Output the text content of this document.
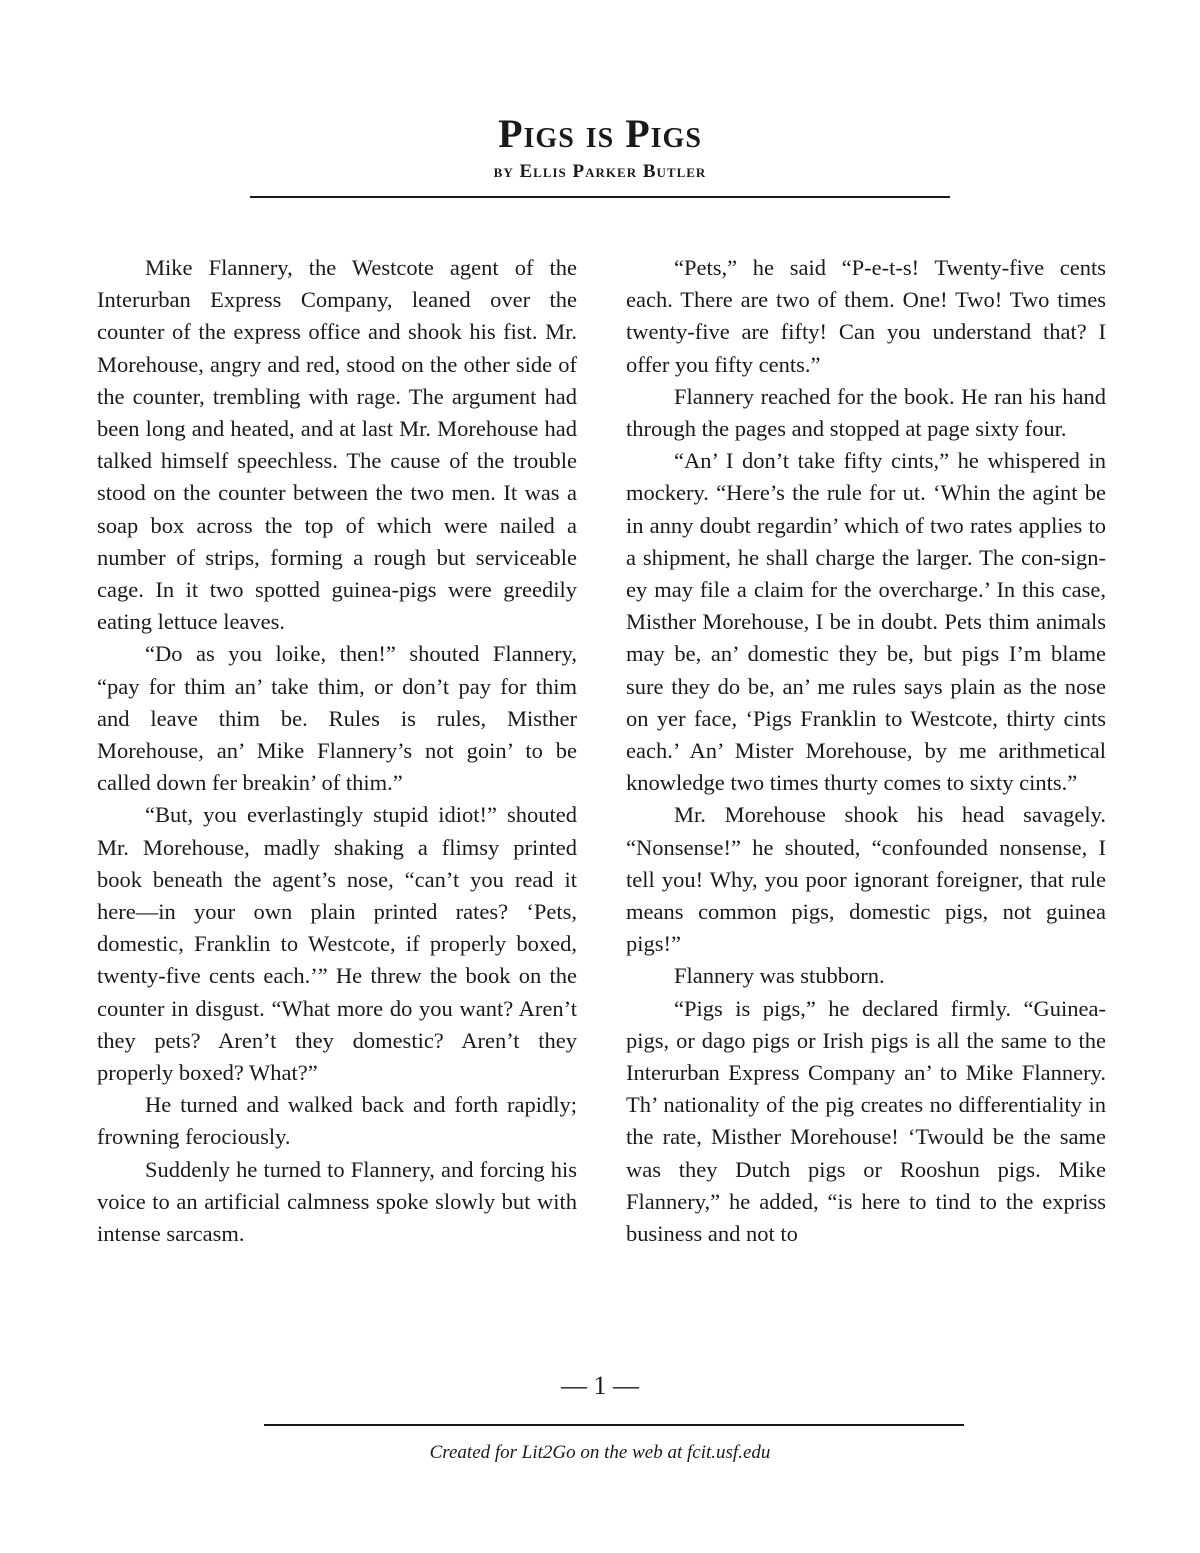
Pigs is Pigs
by Ellis Parker Butler

Mike Flannery, the Westcote agent of the Interurban Express Company, leaned over the counter of the express office and shook his fist. Mr. Morehouse, angry and red, stood on the other side of the counter, trembling with rage. The argument had been long and heated, and at last Mr. Morehouse had talked himself speechless. The cause of the trouble stood on the counter between the two men. It was a soap box across the top of which were nailed a number of strips, forming a rough but serviceable cage. In it two spotted guinea-pigs were greedily eating lettuce leaves.

“Do as you loike, then!” shouted Flannery, “pay for thim an’ take thim, or don’t pay for thim and leave thim be. Rules is rules, Misther Morehouse, an’ Mike Flannery’s not goin’ to be called down fer breakin’ of thim.”

“But, you everlastingly stupid idiot!” shouted Mr. Morehouse, madly shaking a flimsy printed book beneath the agent’s nose, “can’t you read it here—in your own plain printed rates? ‘Pets, domestic, Franklin to Westcote, if properly boxed, twenty-five cents each.’” He threw the book on the counter in disgust. “What more do you want? Aren’t they pets? Aren’t they domestic? Aren’t they properly boxed? What?”

He turned and walked back and forth rapidly; frowning ferociously.

Suddenly he turned to Flannery, and forcing his voice to an artificial calmness spoke slowly but with intense sarcasm.

“Pets,” he said “P-e-t-s! Twenty-five cents each. There are two of them. One! Two! Two times twenty-five are fifty! Can you understand that? I offer you fifty cents.”

Flannery reached for the book. He ran his hand through the pages and stopped at page sixty four.

“An’ I don’t take fifty cints,” he whispered in mockery. “Here’s the rule for ut. ‘Whin the agint be in anny doubt regardin’ which of two rates applies to a shipment, he shall charge the larger. The con-sign-ey may file a claim for the overcharge.’ In this case, Misther Morehouse, I be in doubt. Pets thim animals may be, an’ domestic they be, but pigs I’m blame sure they do be, an’ me rules says plain as the nose on yer face, ‘Pigs Franklin to Westcote, thirty cints each.’ An’ Mister Morehouse, by me arithmetical knowledge two times thurty comes to sixty cints.”

Mr. Morehouse shook his head savagely. “Nonsense!” he shouted, “confounded nonsense, I tell you! Why, you poor ignorant foreigner, that rule means common pigs, domestic pigs, not guinea pigs!”

Flannery was stubborn.

“Pigs is pigs,” he declared firmly. “Guinea-pigs, or dago pigs or Irish pigs is all the same to the Interurban Express Company an’ to Mike Flannery. Th’ nationality of the pig creates no differentiality in the rate, Misther Morehouse! ‘Twould be the same was they Dutch pigs or Rooshun pigs. Mike Flannery,” he added, “is here to tind to the expriss business and not to

— 1 —
Created for Lit2Go on the web at fcit.usf.edu
